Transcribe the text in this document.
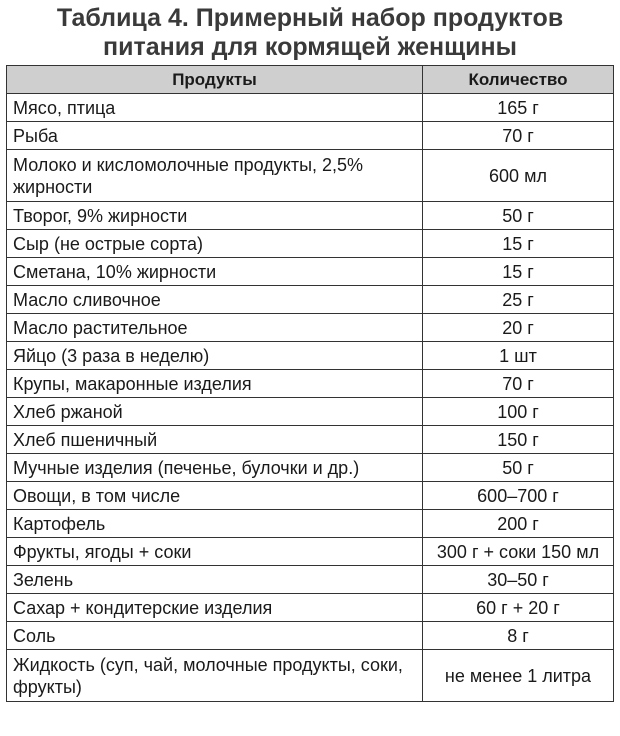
Таблица 4. Примерный набор продуктов
питания для кормящей женщины
Продукты	Количество
Мясо, птица	165 г
Рыба	70 г
Молоко и кисломолочные продукты, 2,5% жирности	600 мл
Творог, 9% жирности	50 г
Сыр (не острые сорта)	15 г
Сметана, 10% жирности	15 г
Масло сливочное	25 г
Масло растительное	20 г
Яйцо (3 раза в неделю)	1 шт
Крупы, макаронные изделия	70 г
Хлеб ржаной	100 г
Хлеб пшеничный	150 г
Мучные изделия (печенье, булочки и др.)	50 г
Овощи, в том числе	600–700 г
Картофель	200 г
Фрукты, ягоды + соки	300 г + соки 150 мл
Зелень	30–50 г
Сахар + кондитерские изделия	60 г + 20 г
Соль	8 г
Жидкость (суп, чай, молочные продукты, соки, фрукты)	не менее 1 литра
